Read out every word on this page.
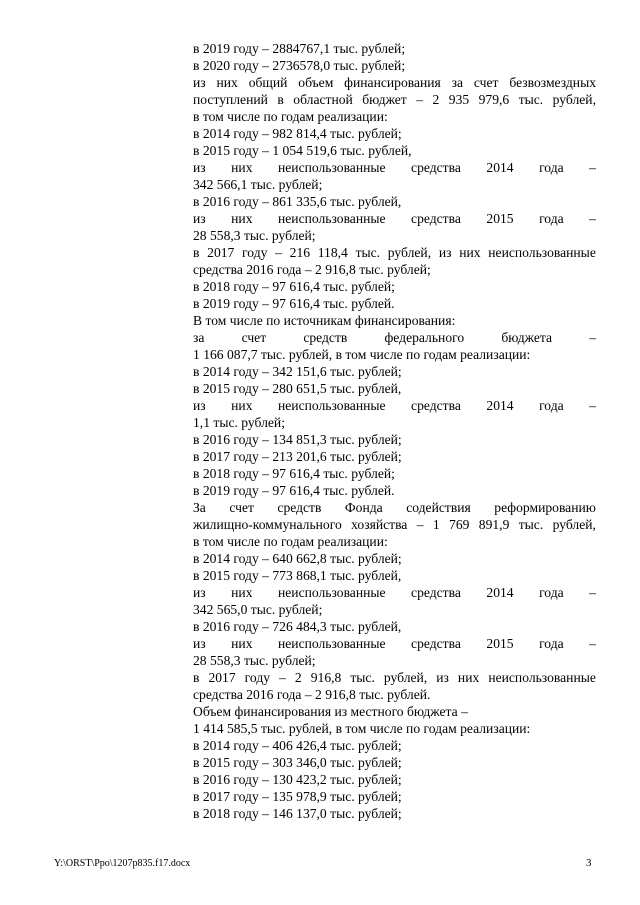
в 2019 году – 2884767,1 тыс. рублей;
в 2020 году – 2736578,0 тыс. рублей;
из них общий объем финансирования за счет безвозмездных
поступлений в областной бюджет – 2 935 979,6 тыс. рублей,
в том числе по годам реализации:
в 2014 году – 982 814,4 тыс. рублей;
в 2015 году – 1 054 519,6 тыс. рублей,
из них неиспользованные средства 2014 года –
342 566,1 тыс. рублей;
в 2016 году – 861 335,6 тыс. рублей,
из них неиспользованные средства 2015 года –
28 558,3 тыс. рублей;
в 2017 году – 216 118,4 тыс. рублей, из них неиспользованные
средства 2016 года – 2 916,8 тыс. рублей;
в 2018 году – 97 616,4 тыс. рублей;
в 2019 году – 97 616,4 тыс. рублей.
В том числе по источникам финансирования:
за	счет	средств	федерального	бюджета	–
1 166 087,7 тыс. рублей, в том числе по годам реализации:
в 2014 году – 342 151,6 тыс. рублей;
в 2015 году – 280 651,5 тыс. рублей,
из них неиспользованные средства 2014 года –
1,1 тыс. рублей;
в 2016 году – 134 851,3 тыс. рублей;
в 2017 году – 213 201,6 тыс. рублей;
в 2018 году – 97 616,4 тыс. рублей;
в 2019 году – 97 616,4 тыс. рублей.
За счет средств Фонда содействия реформированию
жилищно-коммунального хозяйства – 1 769 891,9 тыс. рублей,
в том числе по годам реализации:
в 2014 году – 640 662,8 тыс. рублей;
в 2015 году – 773 868,1 тыс. рублей,
из них неиспользованные средства 2014 года –
342 565,0 тыс. рублей;
в 2016 году – 726 484,3 тыс. рублей,
из них неиспользованные средства 2015 года –
28 558,3 тыс. рублей;
в 2017 году – 2 916,8 тыс. рублей, из них неиспользованные
средства 2016 года – 2 916,8 тыс. рублей.
Объем финансирования из местного бюджета –
1 414 585,5 тыс. рублей, в том числе по годам реализации:
в 2014 году – 406 426,4 тыс. рублей;
в 2015 году – 303 346,0 тыс. рублей;
в 2016 году – 130 423,2 тыс. рублей;
в 2017 году – 135 978,9 тыс. рублей;
в 2018 году – 146 137,0 тыс. рублей;
Y:\ORST\Ppo\1207p835.f17.docx	3
